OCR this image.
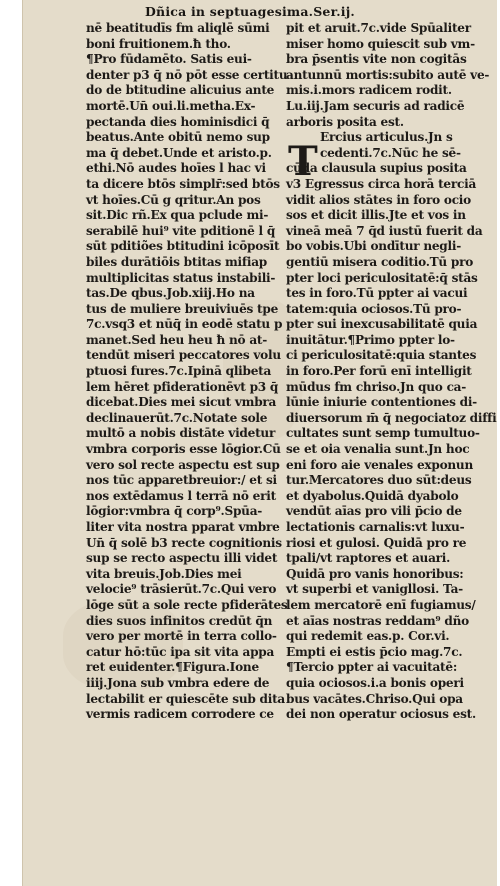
Dñica in septuagesima.Ser.ij.
nē beatitudīs fm aliqlē sūmi
boni fruitionem.ħ tho.
¶Pro fūdamēto. Satis eui-
denter p3 q̄ nō pōt esse certitu
do de btitudine alicuius ante
mortē.Un̄ oui.li.metha.Ex-
pectanda dies hominisdici q̄
beatus.Ante obitū nemo sup
ma q̄ debet.Unde et aristo.p.
ethi.Nō audes hoīes l hac vi
ta dicere btōs simplr̄:sed btōs
vt hoīes.Cū g qritur.An pos
sit.Dic rñ.Ex qua pclude mi-
serabilē hui⁹ vite pditionē l q̄
sūt pditiões btitudini icōposīt
biles durātiōis btitas mifiap
multiplicitas status instabili-
tas.De qbus.Job.xiij.Ho na
tus de muliere breuiviuēs tpe
7c.vsq3 et nūq̄ in eodē statu p
manet.Sed heu heu ħ nō at-
tendūt miseri peccatores volu
ptuosi fures.7c.Ipinā qlibeta
lem hēret pfiderationēvt p3 q̄
dicebat.Dies mei sicut vmbra
declinauerūt.7c.Notate sole
multō a nobis distāte videtur
vmbra corporis esse lōgior.Cū
vero sol recte aspectu est sup
nos tūc apparetbreuior:/ et si
nos extēdamus l terrā nō erit
lōgior:vmbra q̄ corp⁹.Spūa-
liter vita nostra pparat vmbre
Un̄ q̄ solē b3 recte cognitionis
sup se recto aspectu illi videt
vita breuis.Job.Dies mei
velocie⁹ trāsierūt.7c.Qui vero
lōge sūt a sole recte pfiderātes
dies suos infinitos credūt q̄n
vero per mortē in terra collo-
catur hō:tūc ipa sit vita appa
ret euidenter.¶Figura.Ione
iiij.Jona sub vmbra edere de
lectabilit er quiescēte sub dita
vermis radicem corrodere ce
pit et aruit.7c.vide Spūaliter
miser homo quiescit sub vm-
bra p̄sentis vite non cogitās
antunnū mortis:subito autē ve-
mis.i.mors radicem rodit.
Lu.iij.Jam securis ad radicē
arboris posita est.
Ercius articulus.Jn s
cedenti.7c.Nūc he sē-
cūda clausula supius posita
v3 Egressus circa horā terciā
vidit alios stātes in foro ocio
sos et dicit illis.Jte et vos in
vineā meā 7 q̄d iustū fuerit da
bo vobis.Ubi ondītur negli-
gentiū misera coditio.Tū pro
pter loci periculositatē:q̄ stās
tes in foro.Tū ppter ai vacui
tatem:quia ociosos.Tū pro-
pter sui inexcusabilitatē quia
inuitātur.¶Primo ppter lo-
ci periculositatē:quia stantes
in foro.Per forū enī intelligit
mūdus fm chriso.Jn quo ca-
lūnie iniurie contentiones di-
diuersorum m̄ q̄ negociatoz diffi
cultates sunt semp tumultuo-
se et oia venalia sunt.Jn hoc
eni foro aie venales exponun
tur.Mercatores duo sūt:deus
et dyabolus.Quidā dyabolo
vendūt aīas pro vili p̄cio de
lectationis carnalis:vt luxu-
riosi et gulosi. Quidā pro re
tpali/vt raptores et auari.
Quidā pro vanis honoribus:
vt superbi et vanigllosi. Ta-
lem mercatorē enī fugiamus/
et aīas nostras reddam⁹ dño
qui redemit eas.p. Cor.vi.
Empti ei estis p̄cio mag.7c.
¶Tercio ppter ai vacuitatē:
quia ociosos.i.a bonis operi
bus vacātes.Chriso.Qui opa
dei non operatur ociosus est.
T
